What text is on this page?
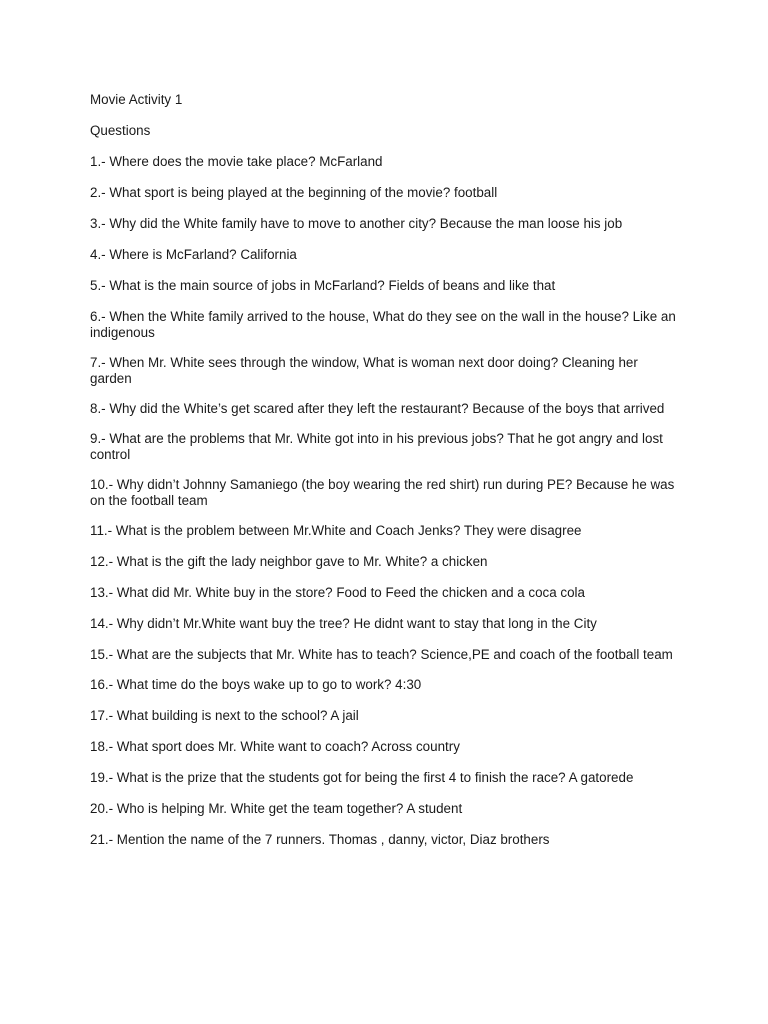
Movie Activity 1
Questions
1.- Where does the movie take place? McFarland
2.- What sport is being played at the beginning of the movie? football
3.- Why did the White family have to move to another city? Because the man loose his job
4.- Where is McFarland? California
5.- What is the main source of jobs in McFarland? Fields of beans and like that
6.- When the White family arrived to the house, What do they see on the wall in the house? Like an indigenous
7.- When Mr. White sees through the window, What is woman next door doing? Cleaning her garden
8.- Why did the White’s get scared after they left the restaurant? Because of the boys that arrived
9.- What are the problems that Mr. White got into in his previous jobs? That he got angry and lost control
10.- Why didn’t Johnny Samaniego (the boy wearing the red shirt) run during PE? Because he was on the football team
11.- What is the problem between Mr.White and Coach Jenks? They were disagree
12.- What is the gift the lady neighbor gave to Mr. White? a chicken
13.- What did Mr. White buy in the store? Food to Feed the chicken and a coca cola
14.- Why didn’t Mr.White want buy the tree? He didnt want to stay that long in the City
15.- What are the subjects that Mr. White has to teach? Science,PE and coach of the football team
16.- What time do the boys wake up to go to work? 4:30
17.- What building is next to the school? A jail
18.- What sport does Mr. White want to coach? Across country
19.- What is the prize that the students got for being the first 4 to finish the race? A gatorede
20.- Who is helping Mr. White get the team together? A student
21.- Mention the name of the 7 runners. Thomas , danny, victor, Diaz brothers
